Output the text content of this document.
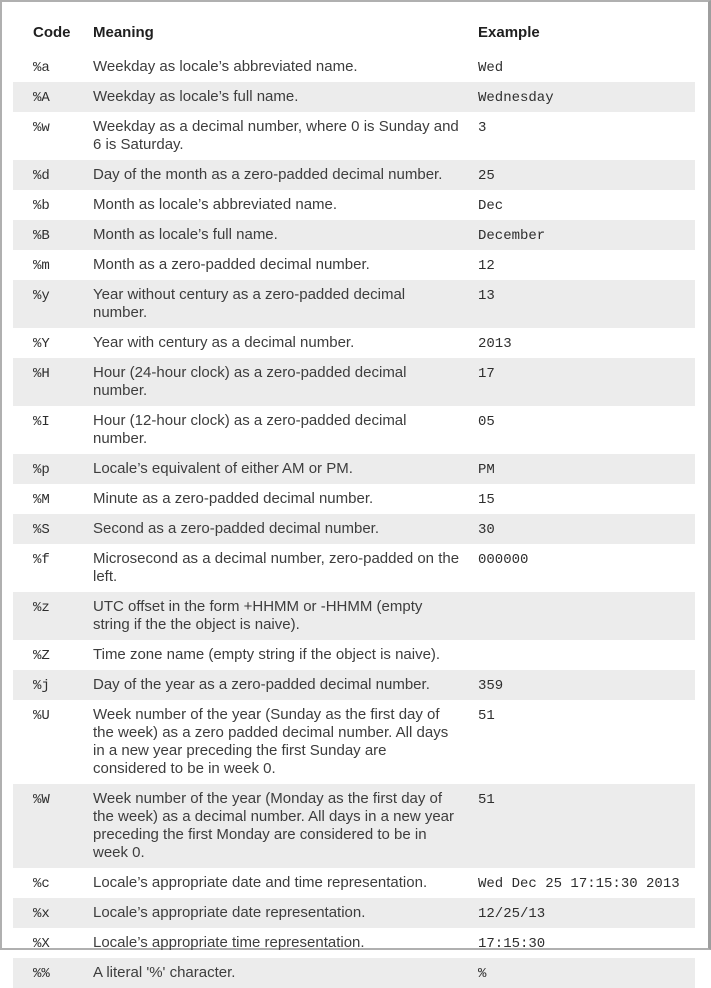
Code	Meaning	Example
%a	Weekday as locale’s abbreviated name.	Wed
%A	Weekday as locale’s full name.	Wednesday
%w	Weekday as a decimal number, where 0 is Sunday and 6 is Saturday.	3
%d	Day of the month as a zero-padded decimal number.	25
%b	Month as locale’s abbreviated name.	Dec
%B	Month as locale’s full name.	December
%m	Month as a zero-padded decimal number.	12
%y	Year without century as a zero-padded decimal number.	13
%Y	Year with century as a decimal number.	2013
%H	Hour (24-hour clock) as a zero-padded decimal number.	17
%I	Hour (12-hour clock) as a zero-padded decimal number.	05
%p	Locale’s equivalent of either AM or PM.	PM
%M	Minute as a zero-padded decimal number.	15
%S	Second as a zero-padded decimal number.	30
%f	Microsecond as a decimal number, zero-padded on the left.	000000
%z	UTC offset in the form +HHMM or -HHMM (empty string if the the object is naive).	
%Z	Time zone name (empty string if the object is naive).	
%j	Day of the year as a zero-padded decimal number.	359
%U	Week number of the year (Sunday as the first day of the week) as a zero padded decimal number. All days in a new year preceding the first Sunday are considered to be in week 0.	51
%W	Week number of the year (Monday as the first day of the week) as a decimal number. All days in a new year preceding the first Monday are considered to be in week 0.	51
%c	Locale’s appropriate date and time representation.	Wed Dec 25 17:15:30 2013
%x	Locale’s appropriate date representation.	12/25/13
%X	Locale’s appropriate time representation.	17:15:30
%%	A literal '%' character.	%
